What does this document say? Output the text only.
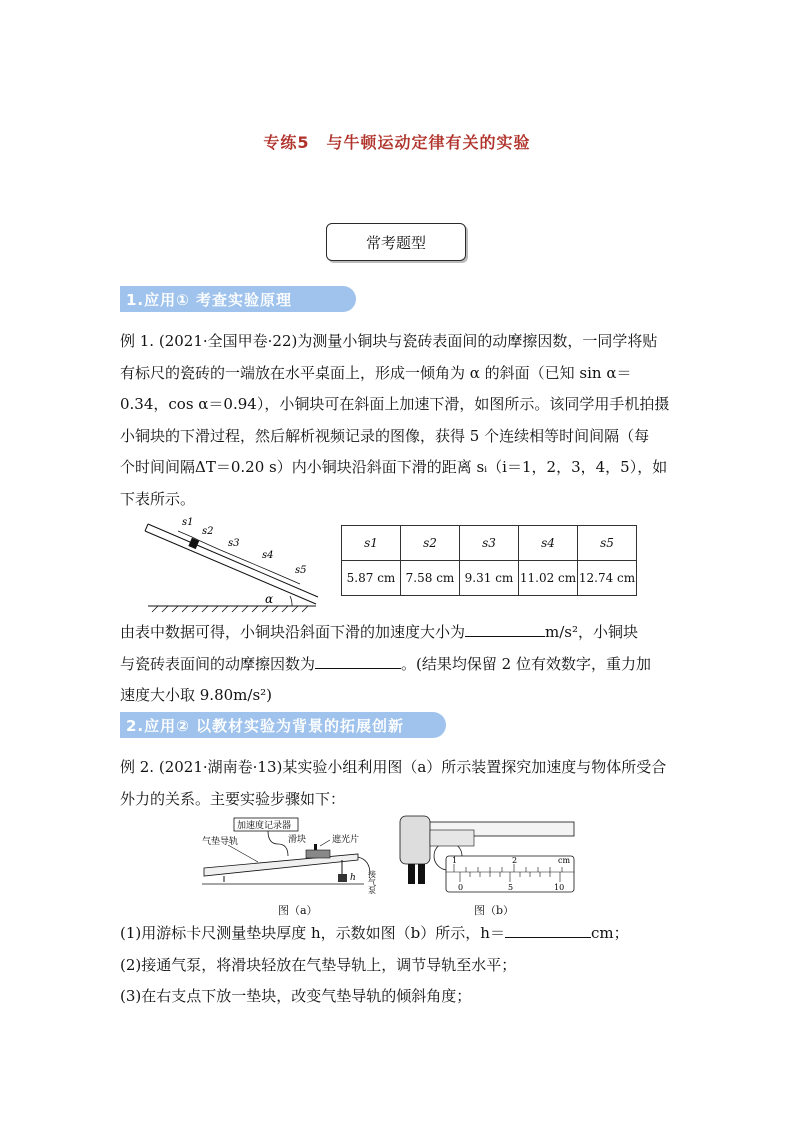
专练5　与牛顿运动定律有关的实验
常考题型
1.应用① 考查实验原理
例 1. (2021·全国甲卷·22)为测量小铜块与瓷砖表面间的动摩擦因数，一同学将贴
有标尺的瓷砖的一端放在水平桌面上，形成一倾角为 α 的斜面（已知 sin α＝
0.34，cos α＝0.94），小铜块可在斜面上加速下滑，如图所示。该同学用手机拍摄
小铜块的下滑过程，然后解析视频记录的图像，获得 5 个连续相等时间间隔（每
个时间间隔ΔT＝0.20 s）内小铜块沿斜面下滑的距离 sᵢ（i＝1，2，3，4，5），如
下表所示。
s1
s2
s3
s4
s5
α
s1	s2	s3	s4	s5
5.87 cm	7.58 cm	9.31 cm	11.02 cm	12.74 cm
由表中数据可得，小铜块沿斜面下滑的加速度大小为	m/s²，小铜块
与瓷砖表面间的动摩擦因数为	。(结果均保留 2 位有效数字，重力加
速度大小取 9.80m/s²)
2.应用② 以教材实验为背景的拓展创新
例 2. (2021·湖南卷·13)某实验小组利用图（a）所示装置探究加速度与物体所受合
外力的关系。主要实验步骤如下：
加速度记录器
气垫导轨	滑块	遮光片
h 接气泵
1	2
0	5	10
cm
图（a）	图（b）
(1)用游标卡尺测量垫块厚度 h，示数如图（b）所示，h＝	cm；
(2)接通气泵，将滑块轻放在气垫导轨上，调节导轨至水平；
(3)在右支点下放一垫块，改变气垫导轨的倾斜角度；
